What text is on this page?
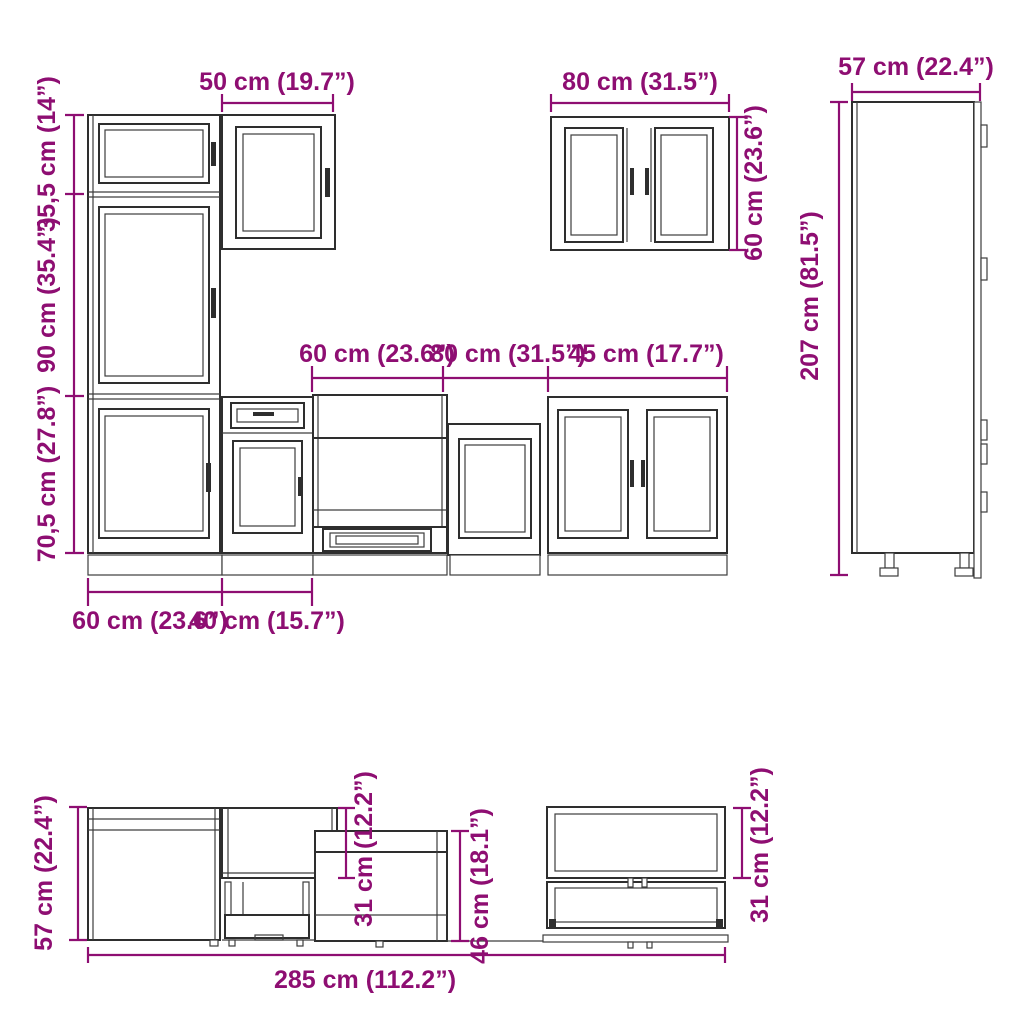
35,5 cm (14”)
90 cm (35.4”)
70,5 cm (27.8”)
50 cm (19.7”)
60 cm (23.6”)
80 cm (31.5”)
45 cm (17.7”)
60 cm (23.6”)
40 cm (15.7”)
80 cm (31.5”)
60 cm (23.6”)
57 cm (22.4”)
207 cm (81.5”)
57 cm (22.4”)	31 cm (12.2”)	46 cm (18.1”)	31 cm (12.2”)
285 cm (112.2”)
